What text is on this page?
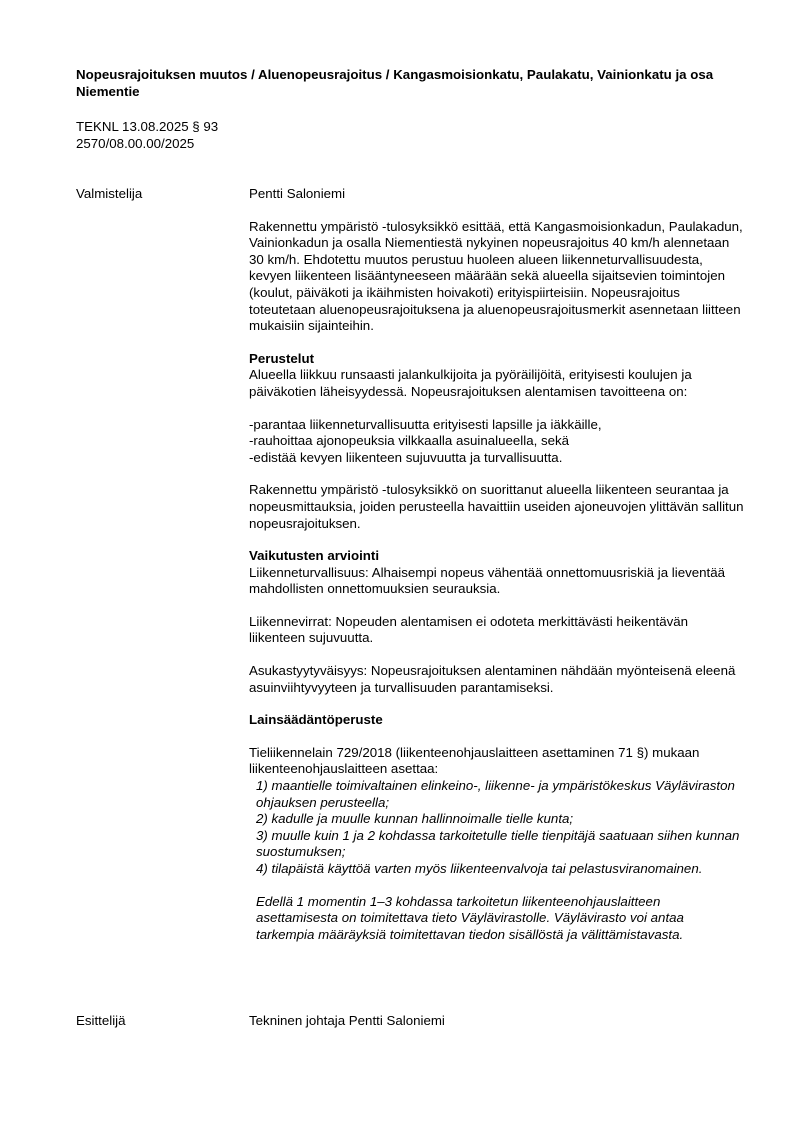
Nopeusrajoituksen muutos / Aluenopeusrajoitus / Kangasmoisionkatu, Paulakatu, Vainionkatu ja osa Niementie
TEKNL 13.08.2025 § 93
2570/08.00.00/2025
Valmistelija	Pentti Saloniemi

Rakennettu ympäristö -tulosyksikkö esittää, että Kangasmoisionkadun, Paulakadun, Vainionkadun ja osalla Niementiestä nykyinen nopeusrajoitus 40 km/h alennetaan 30 km/h. Ehdotettu muutos perustuu huoleen alueen liikenneturvallisuudesta, kevyen liikenteen lisääntyneeseen määrään sekä alueella sijaitsevien toimintojen (koulut, päiväkoti ja ikäihmisten hoivakoti) erityispiirteisiin. Nopeusrajoitus toteutetaan aluenopeusrajoituksena ja aluenopeusrajoitusmerkit asennetaan liitteen mukaisiin sijainteihin.

Perustelut

Alueella liikkuu runsaasti jalankulkijoita ja pyöräilijöitä, erityisesti koulujen ja päiväkotien läheisyydessä. Nopeusrajoituksen alentamisen tavoitteena on:

-parantaa liikenneturvallisuutta erityisesti lapsille ja iäkkäille,

-rauhoittaa ajonopeuksia vilkkaalla asuinalueella, sekä

-edistää kevyen liikenteen sujuvuutta ja turvallisuutta.

Rakennettu ympäristö -tulosyksikkö on suorittanut alueella liikenteen seurantaa ja nopeusmittauksia, joiden perusteella havaittiin useiden ajoneuvojen ylittävän sallitun nopeusrajoituksen.

Vaikutusten arviointi

Liikenneturvallisuus: Alhaisempi nopeus vähentää onnettomuusriskiä ja lieventää mahdollisten onnettomuuksien seurauksia.

Liikennevirrat: Nopeuden alentamisen ei odoteta merkittävästi heikentävän liikenteen sujuvuutta.

Asukastyytyväisyys: Nopeusrajoituksen alentaminen nähdään myönteisenä eleenä asuinviihtyvyyteen ja turvallisuuden parantamiseksi.

Lainsäädäntöperuste

Tieliikennelain 729/2018 (liikenteenohjauslaitteen asettaminen 71 §) mukaan liikenteenohjauslaitteen asettaa:

1) maantielle toimivaltainen elinkeino-, liikenne- ja ympäristökeskus Väyläviraston ohjauksen perusteella;

2) kadulle ja muulle kunnan hallinnoimalle tielle kunta;

3) muulle kuin 1 ja 2 kohdassa tarkoitetulle tielle tienpitäjä saatuaan siihen kunnan suostumuksen;

4) tilapäistä käyttöä varten myös liikenteenvalvoja tai pelastusviranomainen.

Edellä 1 momentin 1–3 kohdassa tarkoitetun liikenteenohjauslaitteen asettamisesta on toimitettava tieto Väylävirastolle. Väylävirasto voi antaa tarkempia määräyksiä toimitettavan tiedon sisällöstä ja välittämistavasta.

Esittelijä	Tekninen johtaja Pentti Saloniemi
